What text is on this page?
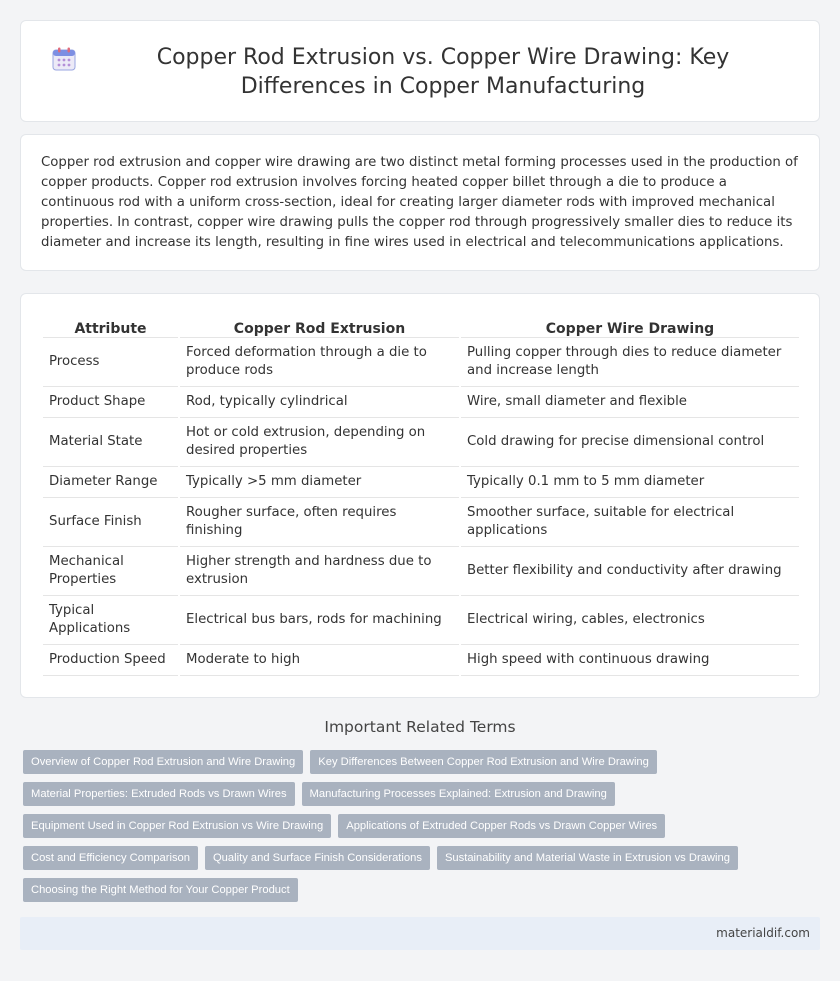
Copper Rod Extrusion vs. Copper Wire Drawing: Key Differences in Copper Manufacturing

Copper rod extrusion and copper wire drawing are two distinct metal forming processes used in the production of copper products. Copper rod extrusion involves forcing heated copper billet through a die to produce a continuous rod with a uniform cross-section, ideal for creating larger diameter rods with improved mechanical properties. In contrast, copper wire drawing pulls the copper rod through progressively smaller dies to reduce its diameter and increase its length, resulting in fine wires used in electrical and telecommunications applications.

Attribute	Copper Rod Extrusion	Copper Wire Drawing
Process	Forced deformation through a die to produce rods	Pulling copper through dies to reduce diameter and increase length
Product Shape	Rod, typically cylindrical	Wire, small diameter and flexible
Material State	Hot or cold extrusion, depending on desired properties	Cold drawing for precise dimensional control
Diameter Range	Typically >5 mm diameter	Typically 0.1 mm to 5 mm diameter
Surface Finish	Rougher surface, often requires finishing	Smoother surface, suitable for electrical applications
Mechanical Properties	Higher strength and hardness due to extrusion	Better flexibility and conductivity after drawing
Typical Applications	Electrical bus bars, rods for machining	Electrical wiring, cables, electronics
Production Speed	Moderate to high	High speed with continuous drawing
Important Related Terms
Overview of Copper Rod Extrusion and Wire Drawing	Key Differences Between Copper Rod Extrusion and Wire Drawing
Material Properties: Extruded Rods vs Drawn Wires	Manufacturing Processes Explained: Extrusion and Drawing
Equipment Used in Copper Rod Extrusion vs Wire Drawing	Applications of Extruded Copper Rods vs Drawn Copper Wires
Cost and Efficiency Comparison	Quality and Surface Finish Considerations	Sustainability and Material Waste in Extrusion vs Drawing
Choosing the Right Method for Your Copper Product
materialdif.com
